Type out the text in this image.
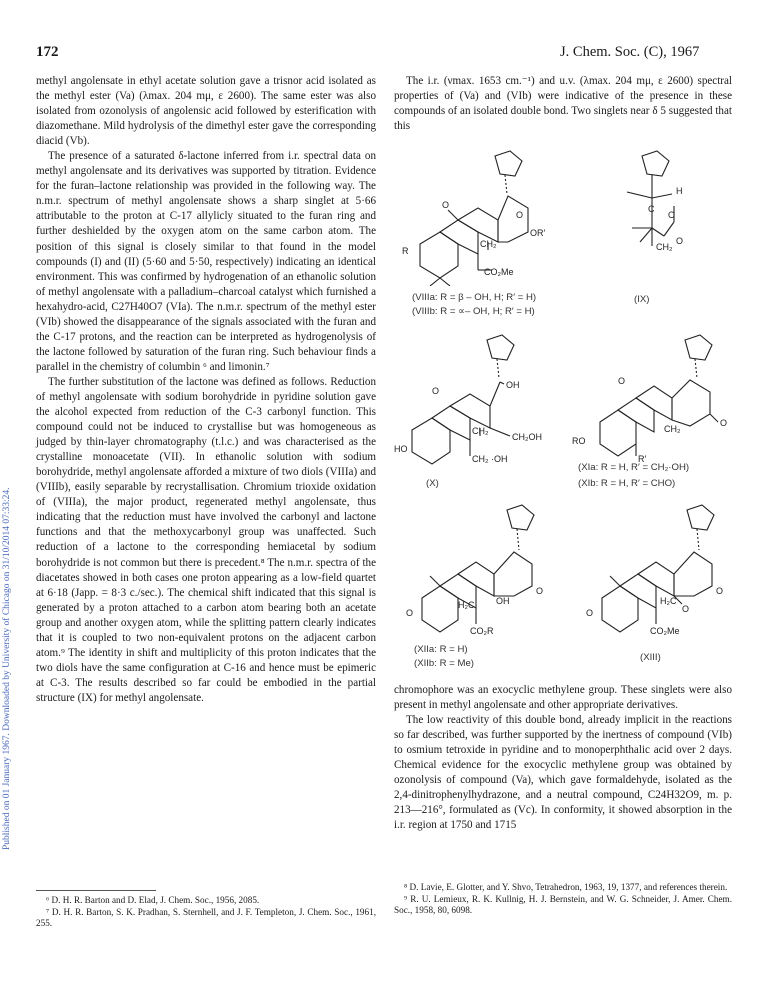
172	J. Chem. Soc. (C), 1967
Published on 01 January 1967. Downloaded by University of Chicago on 31/10/2014 07:33:24.

methyl angolensate in ethyl acetate solution gave a trisnor acid isolated as the methyl ester (Va) (λmax. 204 mμ, ε 2600). The same ester was also isolated from ozonolysis of angolensic acid followed by esterification with diazomethane. Mild hydrolysis of the dimethyl ester gave the corresponding diacid (Vb).

The presence of a saturated δ-lactone inferred from i.r. spectral data on methyl angolensate and its derivatives was supported by titration. Evidence for the furan–lactone relationship was provided in the following way. The n.m.r. spectrum of methyl angolensate shows a sharp singlet at 5·66 attributable to the proton at C-17 allylicly situated to the furan ring and further deshielded by the oxygen atom on the same carbon atom. The position of this signal is closely similar to that found in the model compounds (I) and (II) (5·60 and 5·50, respectively) indicating an identical environment. This was confirmed by hydrogenation of an ethanolic solution of methyl angolensate with a palladium–charcoal catalyst which furnished a hexahydro-acid, C27H40O7 (VIa). The n.m.r. spectrum of the methyl ester (VIb) showed the disappearance of the signals associated with the furan and the C-17 protons, and the reaction can be interpreted as hydrogenolysis of the lactone followed by saturation of the furan ring. Such behaviour finds a parallel in the chemistry of columbin ⁶ and limonin.⁷

The further substitution of the lactone was defined as follows. Reduction of methyl angolensate with sodium borohydride in pyridine solution gave the alcohol expected from reduction of the C-3 carbonyl function. This compound could not be induced to crystallise but was homogeneous as judged by thin-layer chromatography (t.l.c.) and was characterised as the crystalline monoacetate (VII). In ethanolic solution with sodium borohydride, methyl angolensate afforded a mixture of two diols (VIIIa) and (VIIIb), easily separable by recrystallisation. Chromium trioxide oxidation of (VIIIa), the major product, regenerated methyl angolensate, thus indicating that the reduction must have involved the carbonyl and lactone functions and that the methoxycarbonyl group was unaffected. Such reduction of a lactone to the corresponding hemiacetal by sodium borohydride is not common but there is precedent.⁸ The n.m.r. spectra of the diacetates showed in both cases one proton appearing as a low-field quartet at 6·18 (Japp. = 8·3 c./sec.). The chemical shift indicated that this signal is generated by a proton attached to a carbon atom bearing both an acetate group and another oxygen atom, while the splitting pattern clearly indicates that it is coupled to two non-equivalent protons on the adjacent carbon atom.⁹ The identity in shift and multiplicity of this proton indicates that the two diols have the same configuration at C-16 and hence must be epimeric at C-3. The results described so far could be embodied in the partial structure (IX) for methyl angolensate.

The i.r. (νmax. 1653 cm.⁻¹) and u.v. (λmax. 204 mμ, ε 2600) spectral properties of (Va) and (VIb) were indicative of the presence in these compounds of an isolated double bond. Two singlets near δ 5 suggested that this

chromophore was an exocyclic methylene group. These singlets were also present in methyl angolensate and other appropriate derivatives.

The low reactivity of this double bond, already implicit in the reactions so far described, was further supported by the inertness of compound (VIb) to osmium tetroxide in pyridine and to monoperphthalic acid over 2 days. Chemical evidence for the exocyclic methylene group was obtained by ozonolysis of compound (Va), which gave formaldehyde, isolated as the 2,4-dinitrophenylhydrazone, and a neutral compound, C24H32O9, m. p. 213—216°, formulated as (Vc). In conformity, it showed absorption in the i.r. region at 1750 and 1715

O
O
R
OR′
CH₂
CO₂Me
(VIIIa: R = β – OH, H; R′ = H)
(VIIIb: R = ∝– OH, H; R′ = H)
H
C
O
O
CH₂
(IX)
O
OH
CH₂OH
CH₂
HO
CH₂ ·OH
(X)
O
O
RO
CH₂
R′
(XIa: R = H, R′ = CH₂·OH)
(XIb: R = H, R′ = CHO)
O
O
OH
H₂C
CO₂R
(XIIa: R = H)
(XIIb: R = Me)
O
O
O
H₂C
CO₂Me
(XIII)

⁶ D. H. R. Barton and D. Elad, J. Chem. Soc., 1956, 2085.

⁷ D. H. R. Barton, S. K. Pradhan, S. Sternhell, and J. F. Templeton, J. Chem. Soc., 1961, 255.

⁸ D. Lavie, E. Glotter, and Y. Shvo, Tetrahedron, 1963, 19, 1377, and references therein.

⁹ R. U. Lemieux, R. K. Kullnig, H. J. Bernstein, and W. G. Schneider, J. Amer. Chem. Soc., 1958, 80, 6098.
